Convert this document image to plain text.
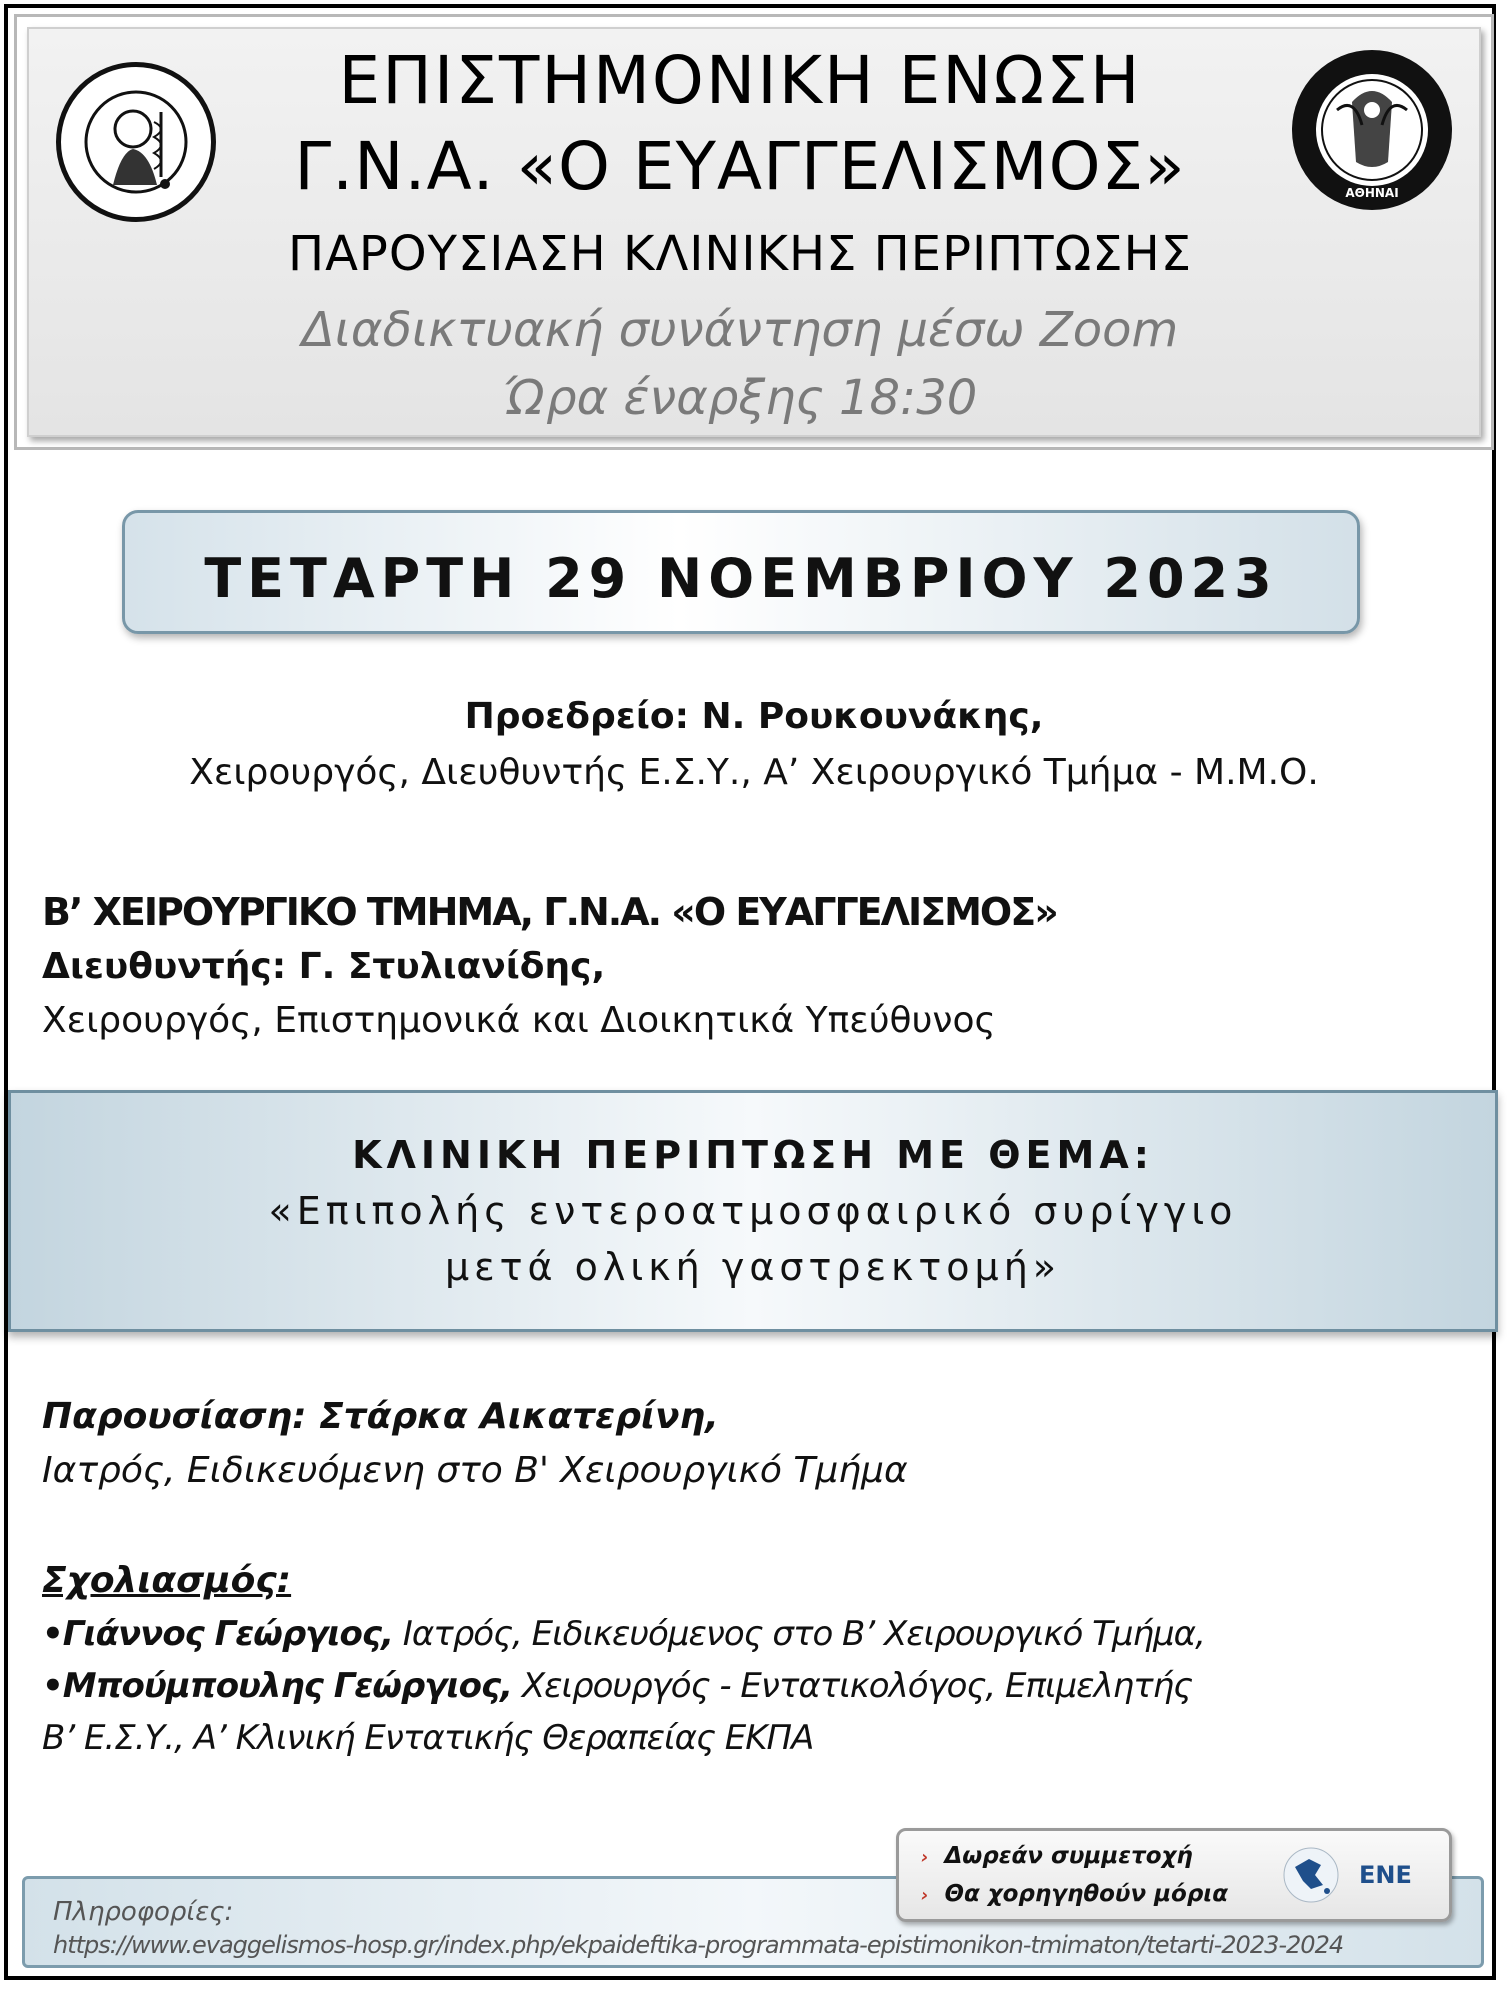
ΑΘΗΝΑΙ
ΕΠΙΣΤΗΜΟΝΙΚΗ ΕΝΩΣΗ
Γ.Ν.Α. «Ο ΕΥΑΓΓΕΛΙΣΜΟΣ»
ΠΑΡΟΥΣΙΑΣΗ ΚΛΙΝΙΚΗΣ ΠΕΡΙΠΤΩΣΗΣ
Διαδικτυακή συνάντηση μέσω Zoom
Ώρα έναρξης 18:30
ΤΕΤΑΡΤΗ 29 ΝΟΕΜΒΡΙΟΥ 2023
Προεδρείο: Ν. Ρουκουνάκης,
Χειρουργός, Διευθυντής Ε.Σ.Υ., Α’ Χειρουργικό Τμήμα - Μ.Μ.Ο.
Β’ ΧΕΙΡΟΥΡΓΙΚΟ ΤΜΗΜΑ, Γ.Ν.Α. «Ο ΕΥΑΓΓΕΛΙΣΜΟΣ»
Διευθυντής: Γ. Στυλιανίδης,
Χειρουργός, Επιστημονικά και Διοικητικά Υπεύθυνος
ΚΛΙΝΙΚΗ ΠΕΡΙΠΤΩΣΗ ΜΕ ΘΕΜΑ:
«Επιπολής εντεροατμοσφαιρικό συρίγγιο
μετά ολική γαστρεκτομή»
Παρουσίαση: Στάρκα Αικατερίνη,
Ιατρός, Ειδικευόμενη στο Β' Χειρουργικό Τμήμα
Σχολιασμός:
•Γιάννος Γεώργιος, Ιατρός, Ειδικευόμενος στο Β’ Χειρουργικό Τμήμα,
•Μπούμπουλης Γεώργιος, Χειρουργός - Εντατικολόγος, Επιμελητής
Β’ Ε.Σ.Υ., Α’ Κλινική Εντατικής Θεραπείας ΕΚΠΑ
Πληροφορίες:
https://www.evaggelismos-hosp.gr/index.php/ekpaideftika-programmata-epistimonikon-tmimaton/tetarti-2023-2024
› Δωρεάν συμμετοχή
› Θα χορηγηθούν μόρια
ΕΝΕ
